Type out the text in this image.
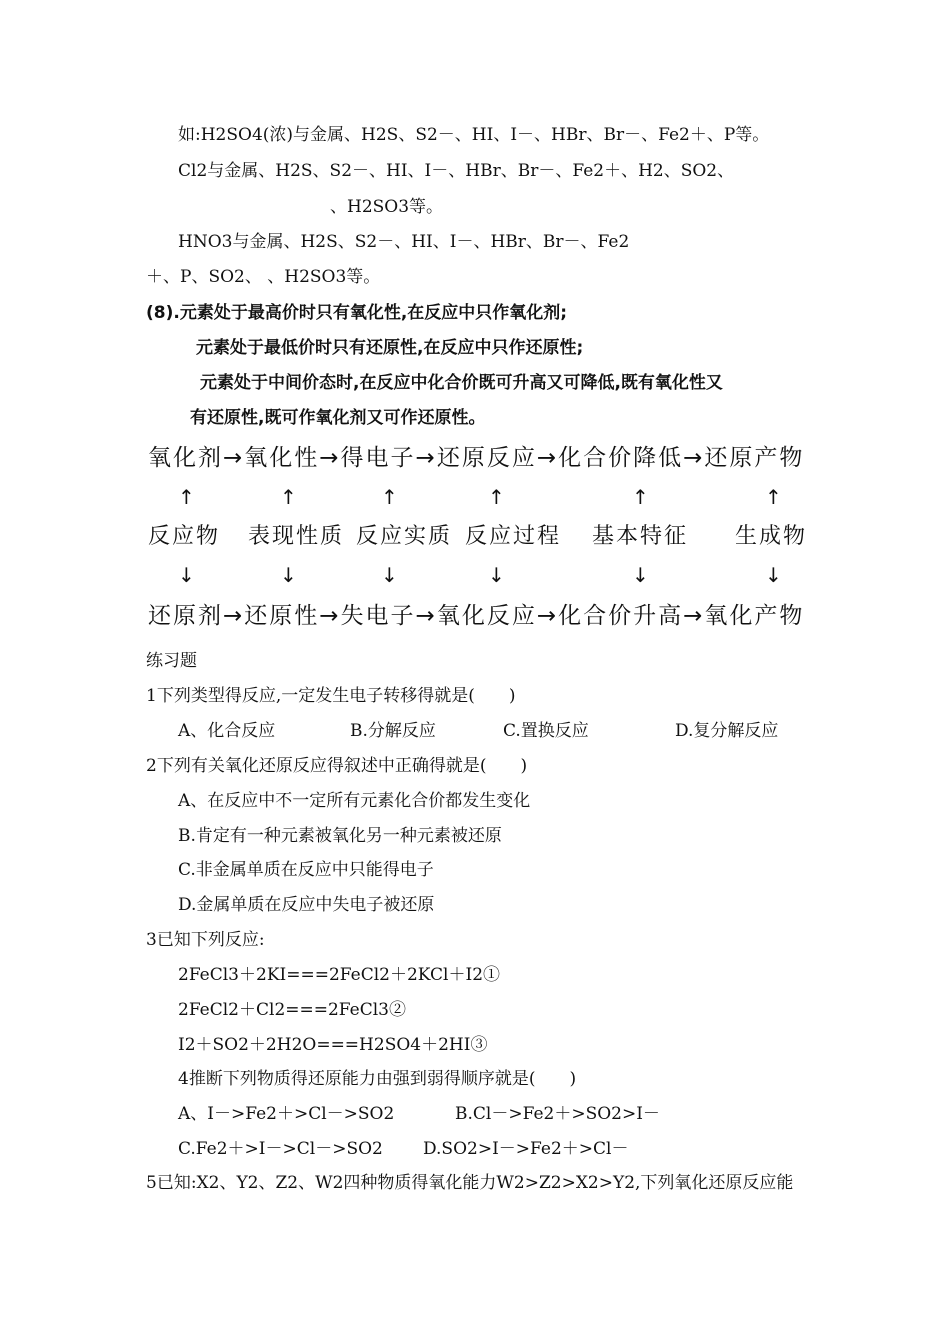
如:H2SO4(浓)与金属、H2S、S2－、HI、I－、HBr、Br－、Fe2＋、P等。
Cl2与金属、H2S、S2－、HI、I－、HBr、Br－、Fe2＋、H2、SO2、
、H2SO3等。
HNO3与金属、H2S、S2－、HI、I－、HBr、Br－、Fe2
＋、P、SO2、 、H2SO3等。
(8).元素处于最高价时只有氧化性,在反应中只作氧化剂;
元素处于最低价时只有还原性,在反应中只作还原性;
元素处于中间价态时,在反应中化合价既可升高又可降低,既有氧化性又
有还原性,既可作氧化剂又可作还原性。
氧化剂→氧化性→得电子→还原反应→化合价降低→还原产物
↑	↑	↑	↑	↑	↑
反应物 表现性质 反应实质 反应过程 基本特征 生成物
↓	↓	↓	↓	↓	↓
还原剂→还原性→失电子→氧化反应→化合价升高→氧化产物
练习题
1下列类型得反应,一定发生电子转移得就是(　　)
A、化合反应	B.分解反应	C.置换反应	D.复分解反应
2下列有关氧化还原反应得叙述中正确得就是(　　)
A、在反应中不一定所有元素化合价都发生变化
B.肯定有一种元素被氧化另一种元素被还原
C.非金属单质在反应中只能得电子
D.金属单质在反应中失电子被还原
3已知下列反应:
2FeCl3＋2KI===2FeCl2＋2KCl＋I2①
2FeCl2＋Cl2===2FeCl3②
I2＋SO2＋2H2O===H2SO4＋2HI③
4推断下列物质得还原能力由强到弱得顺序就是(　　)
A、I－>Fe2＋>Cl－>SO2	B.Cl－>Fe2＋>SO2>I－
C.Fe2＋>I－>Cl－>SO2 D.SO2>I－>Fe2＋>Cl－
5已知:X2、Y2、Z2、W2四种物质得氧化能力W2>Z2>X2>Y2,下列氧化还原反应能
